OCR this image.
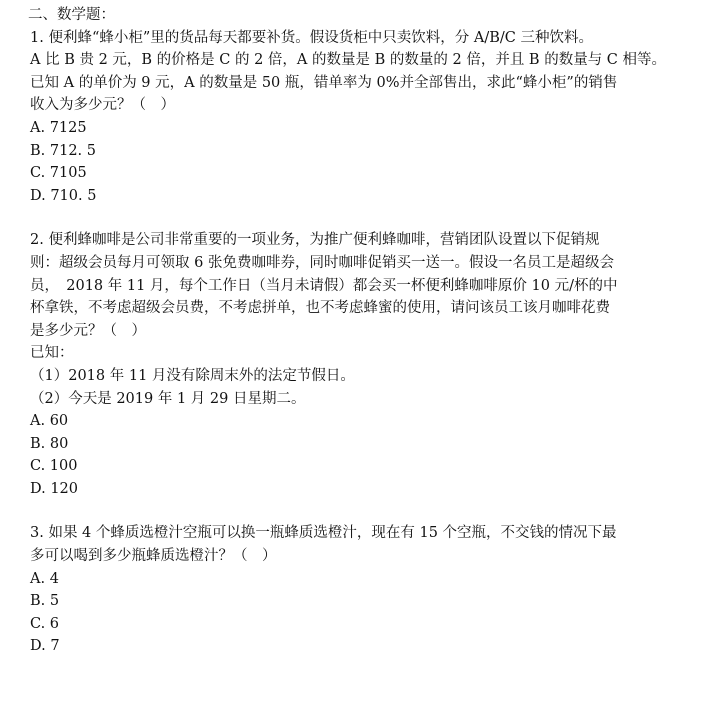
二、数学题：
1. 便利蜂“蜂小柜”里的货品每天都要补货。假设货柜中只卖饮料，分 A/B/C 三种饮料。
A 比 B 贵 2 元，B 的价格是 C 的 2 倍，A 的数量是 B 的数量的 2 倍，并且 B 的数量与 C 相等。
已知 A 的单价为 9 元，A 的数量是 50 瓶，错单率为 0%并全部售出，求此“蜂小柜”的销售
收入为多少元？（　）
A. 7125
B. 712. 5
C. 7105
D. 710. 5
2. 便利蜂咖啡是公司非常重要的一项业务，为推广便利蜂咖啡，营销团队设置以下促销规
则：超级会员每月可领取 6 张免费咖啡券，同时咖啡促销买一送一。假设一名员工是超级会
员，　2018 年 11 月，每个工作日（当月未请假）都会买一杯便利蜂咖啡原价 10 元/杯的中
杯拿铁，不考虑超级会员费，不考虑拼单，也不考虑蜂蜜的使用，请问该员工该月咖啡花费
是多少元？（　）
已知：
（1）2018 年 11 月没有除周末外的法定节假日。
（2）今天是 2019 年 1 月 29 日星期二。
A. 60
B. 80
C. 100
D. 120
3. 如果 4 个蜂质选橙汁空瓶可以换一瓶蜂质选橙汁，现在有 15 个空瓶，不交钱的情况下最
多可以喝到多少瓶蜂质选橙汁？（　）
A. 4
B. 5
C. 6
D. 7
